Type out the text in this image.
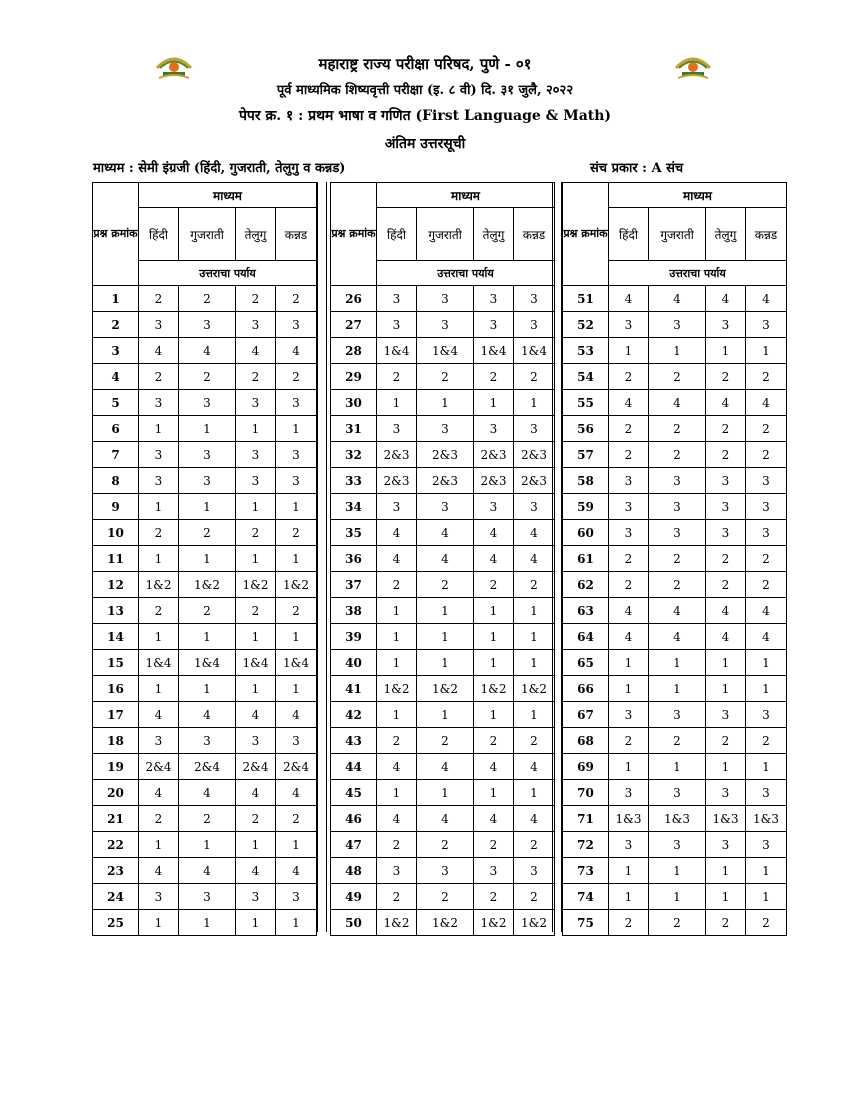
महाराष्ट्र राज्य परीक्षा परिषद, पुणे - ०१
पूर्व माध्यमिक शिष्यवृत्ती परीक्षा (इ. ८ वी) दि. ३१ जुलै, २०२२
पेपर क्र. १ : प्रथम भाषा व गणित (First Language & Math)
अंतिम उत्तरसूची
माध्यम : सेमी इंग्रजी (हिंदी, गुजराती, तेलुगु व कन्नड)	संच प्रकार : A संच
प्रश्न क्रमांक	माध्यम			
	हिंदी	गुजराती	तेलुगु	कन्नड
	उत्तराचा पर्याय			
1	2	2	2	2
2	3	3	3	3
3	4	4	4	4
4	2	2	2	2
5	3	3	3	3
6	1	1	1	1
7	3	3	3	3
8	3	3	3	3
9	1	1	1	1
10	2	2	2	2
11	1	1	1	1
12	1&2	1&2	1&2	1&2
13	2	2	2	2
14	1	1	1	1
15	1&4	1&4	1&4	1&4
16	1	1	1	1
17	4	4	4	4
18	3	3	3	3
19	2&4	2&4	2&4	2&4
20	4	4	4	4
21	2	2	2	2
22	1	1	1	1
23	4	4	4	4
24	3	3	3	3
25	1	1	1	1
प्रश्न क्रमांक	माध्यम			
	हिंदी	गुजराती	तेलुगु	कन्नड
	उत्तराचा पर्याय			
26	3	3	3	3
27	3	3	3	3
28	1&4	1&4	1&4	1&4
29	2	2	2	2
30	1	1	1	1
31	3	3	3	3
32	2&3	2&3	2&3	2&3
33	2&3	2&3	2&3	2&3
34	3	3	3	3
35	4	4	4	4
36	4	4	4	4
37	2	2	2	2
38	1	1	1	1
39	1	1	1	1
40	1	1	1	1
41	1&2	1&2	1&2	1&2
42	1	1	1	1
43	2	2	2	2
44	4	4	4	4
45	1	1	1	1
46	4	4	4	4
47	2	2	2	2
48	3	3	3	3
49	2	2	2	2
50	1&2	1&2	1&2	1&2
प्रश्न क्रमांक	माध्यम			
	हिंदी	गुजराती	तेलुगु	कन्नड
	उत्तराचा पर्याय			
51	4	4	4	4
52	3	3	3	3
53	1	1	1	1
54	2	2	2	2
55	4	4	4	4
56	2	2	2	2
57	2	2	2	2
58	3	3	3	3
59	3	3	3	3
60	3	3	3	3
61	2	2	2	2
62	2	2	2	2
63	4	4	4	4
64	4	4	4	4
65	1	1	1	1
66	1	1	1	1
67	3	3	3	3
68	2	2	2	2
69	1	1	1	1
70	3	3	3	3
71	1&3	1&3	1&3	1&3
72	3	3	3	3
73	1	1	1	1
74	1	1	1	1
75	2	2	2	2
